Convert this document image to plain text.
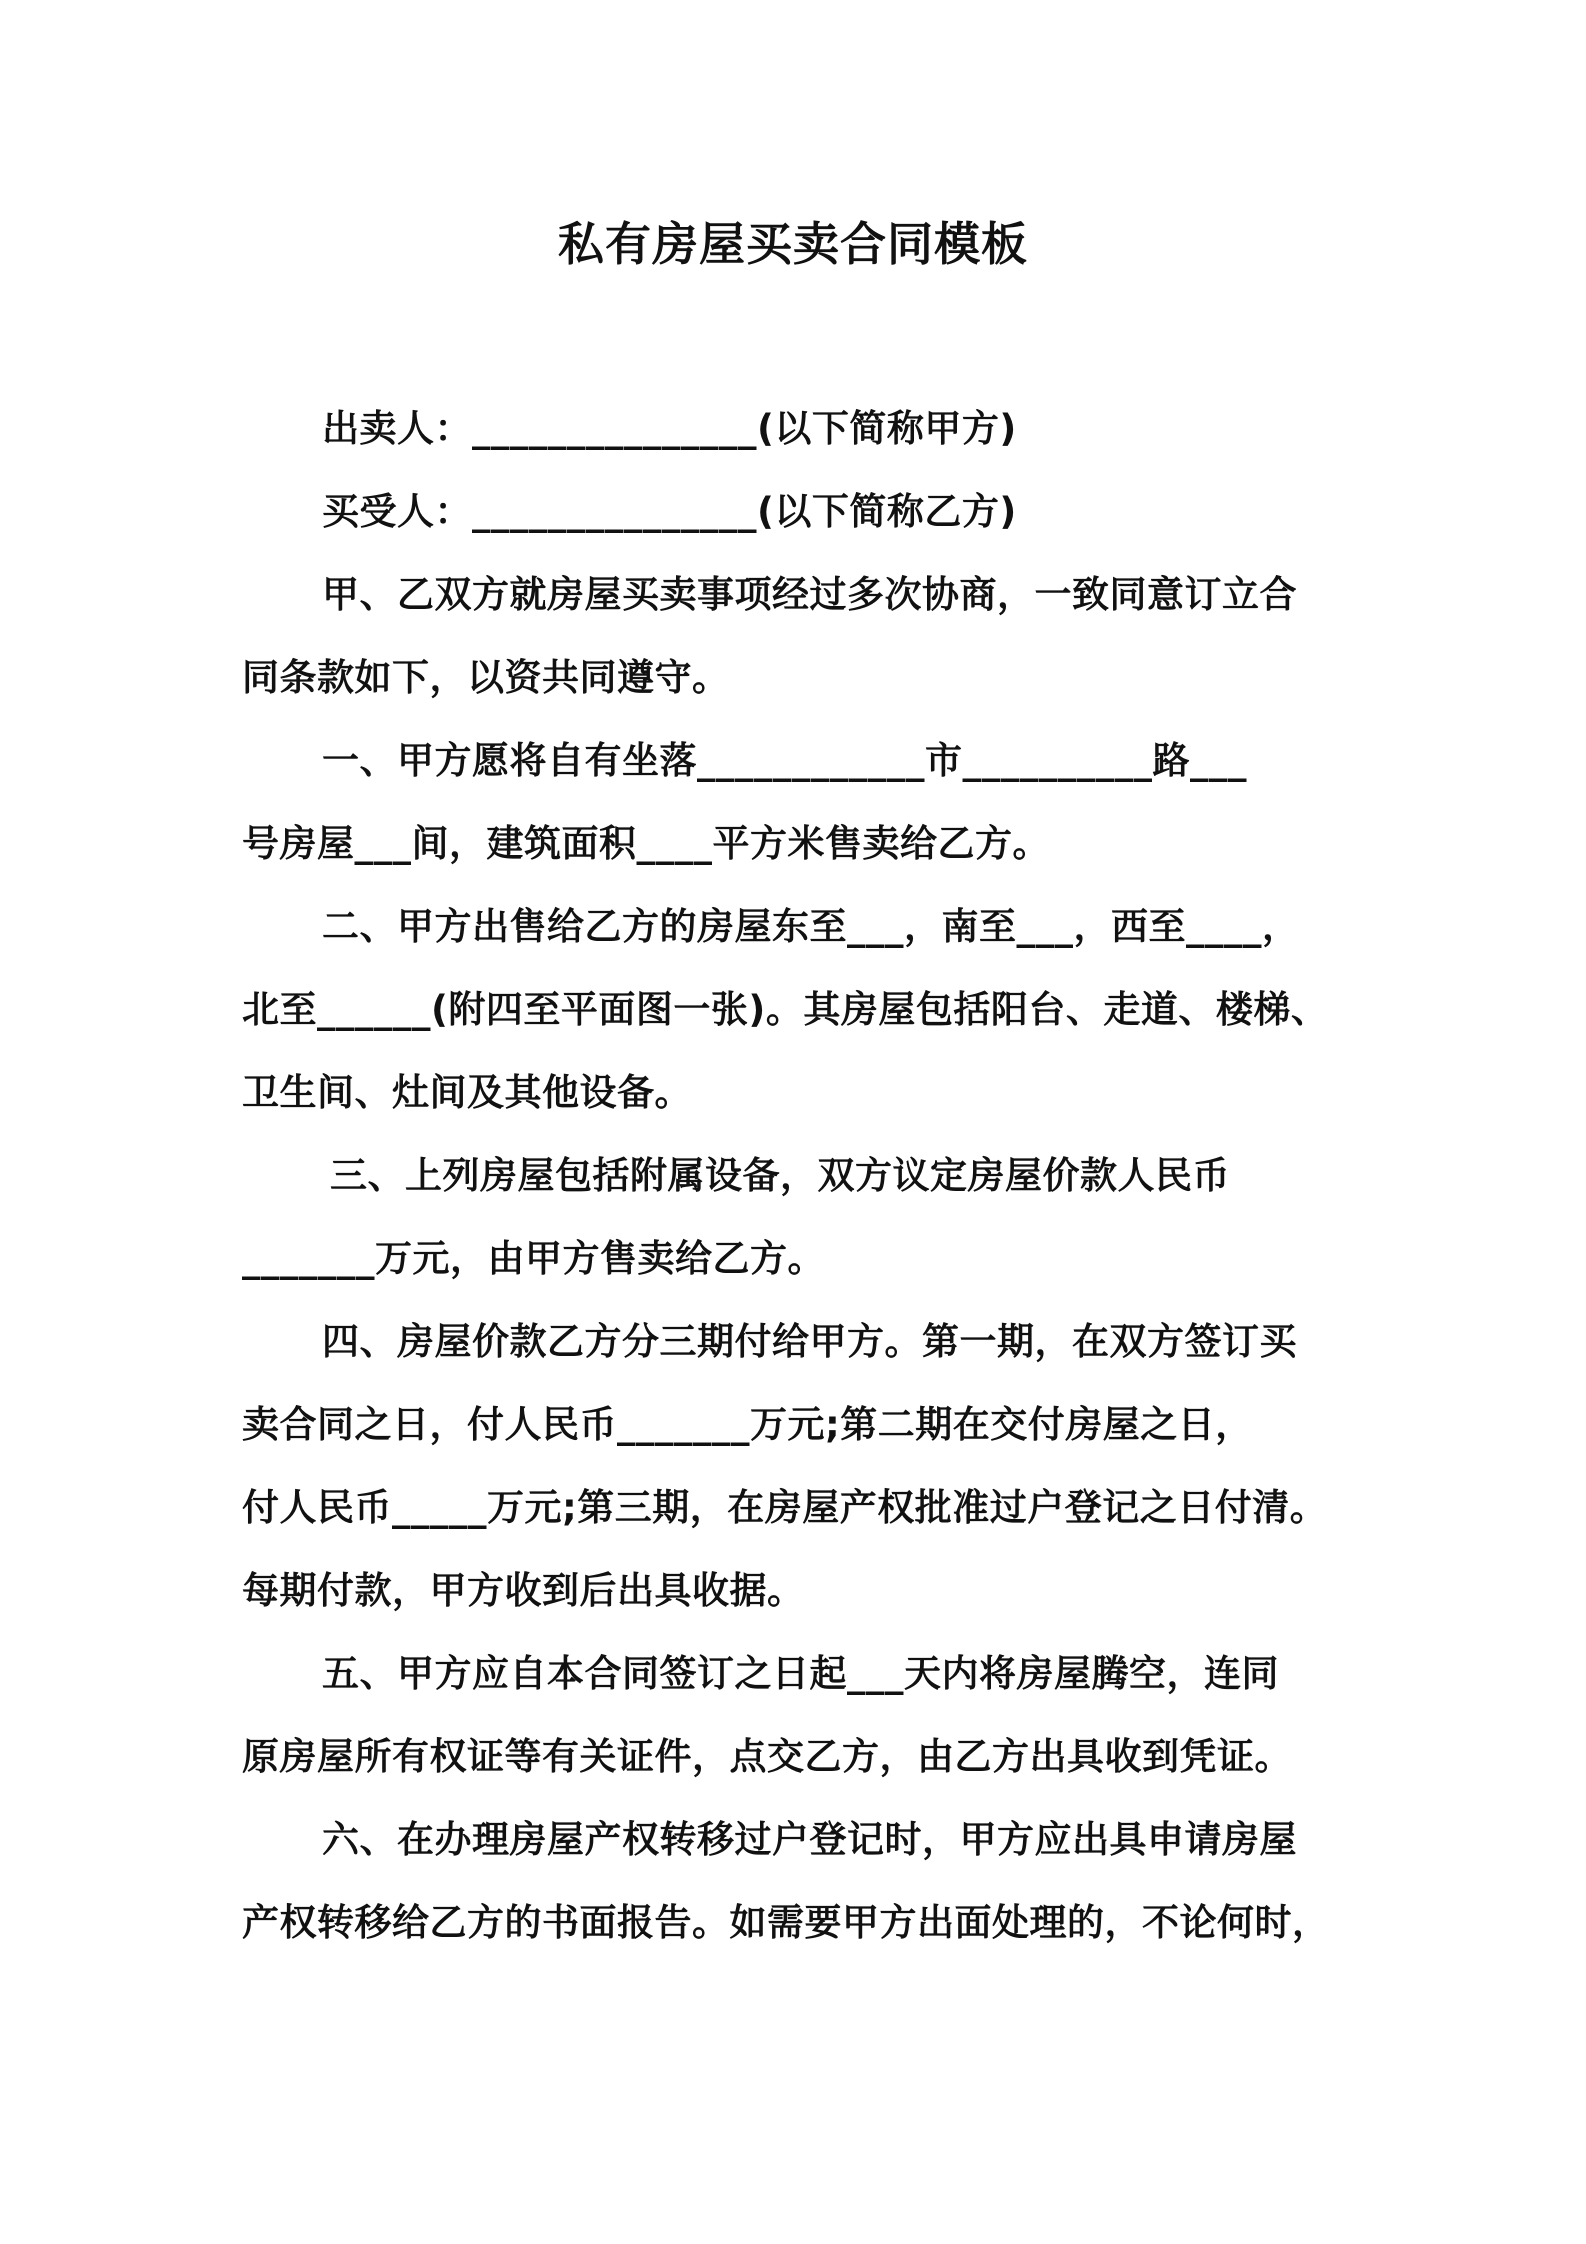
私有房屋买卖合同模板

出卖人：_______________(以下简称甲方)

买受人：_______________(以下简称乙方)

甲、乙双方就房屋买卖事项经过多次协商，一致同意订立合

同条款如下，以资共同遵守。

一、甲方愿将自有坐落____________市__________路___

号房屋___间，建筑面积____平方米售卖给乙方。

二、甲方出售给乙方的房屋东至___，南至___，西至____，

北至______(附四至平面图一张)。其房屋包括阳台、走道、楼梯、

卫生间、灶间及其他设备。

三、上列房屋包括附属设备，双方议定房屋价款人民币

_______万元，由甲方售卖给乙方。

四、房屋价款乙方分三期付给甲方。第一期，在双方签订买

卖合同之日，付人民币_______万元;第二期在交付房屋之日，

付人民币_____万元;第三期，在房屋产权批准过户登记之日付清。

每期付款，甲方收到后出具收据。

五、甲方应自本合同签订之日起___天内将房屋腾空，连同

原房屋所有权证等有关证件，点交乙方，由乙方出具收到凭证。

六、在办理房屋产权转移过户登记时，甲方应出具申请房屋

产权转移给乙方的书面报告。如需要甲方出面处理的，不论何时，
